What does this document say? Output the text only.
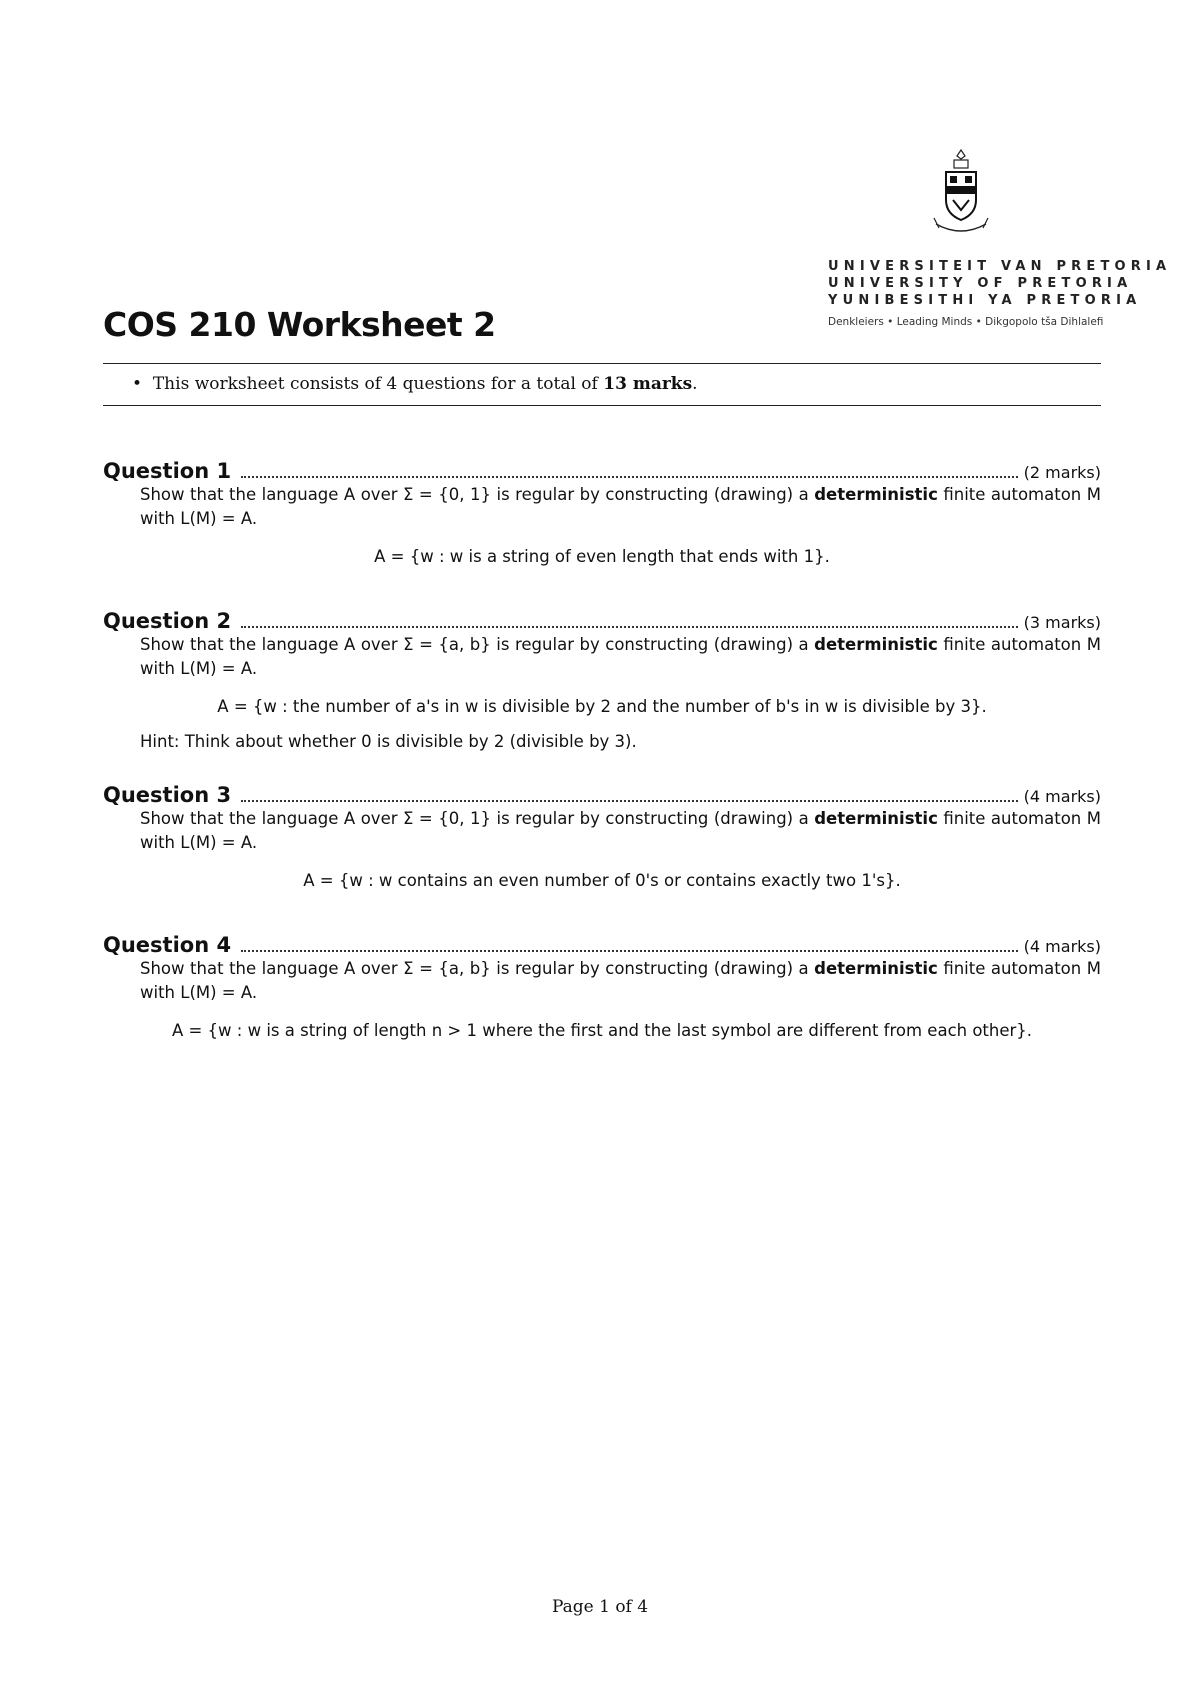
COS 210 Worksheet 2
UNIVERSITEIT VAN PRETORIA
UNIVERSITY OF PRETORIA
YUNIBESITHI YA PRETORIA
Denkleiers • Leading Minds • Dikgopolo tša Dihlalefi
• This worksheet consists of 4 questions for a total of 13 marks.
Question 1	(2 marks)
Show that the language A over Σ = {0, 1} is regular by constructing (drawing) a deterministic finite automaton M with L(M) = A.
A = {w : w is a string of even length that ends with 1}.
Question 2	(3 marks)
Show that the language A over Σ = {a, b} is regular by constructing (drawing) a deterministic finite automaton M with L(M) = A.
A = {w : the number of a's in w is divisible by 2 and the number of b's in w is divisible by 3}.
Hint: Think about whether 0 is divisible by 2 (divisible by 3).
Question 3	(4 marks)
Show that the language A over Σ = {0, 1} is regular by constructing (drawing) a deterministic finite automaton M with L(M) = A.
A = {w : w contains an even number of 0's or contains exactly two 1's}.
Question 4	(4 marks)
Show that the language A over Σ = {a, b} is regular by constructing (drawing) a deterministic finite automaton M with L(M) = A.
A = {w : w is a string of length n > 1 where the first and the last symbol are different from each other}.
Page 1 of 4
